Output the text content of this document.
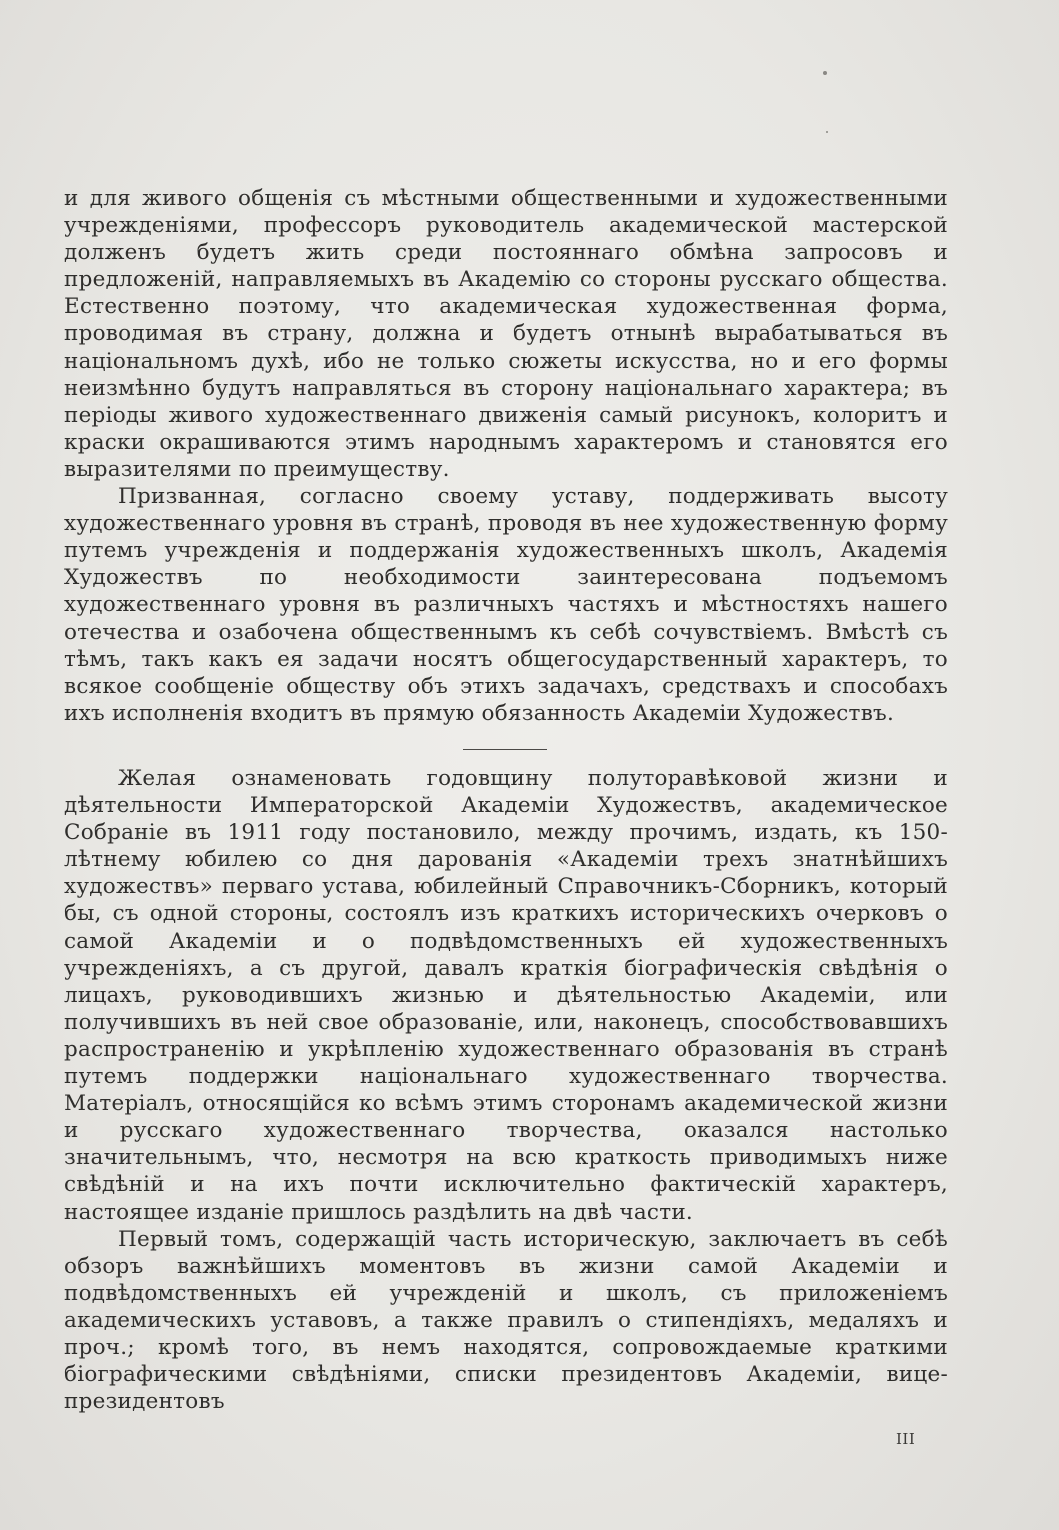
и для живого общенія съ мѣстными общественными и художественными учрежденіями, профессоръ руководитель академической мастерской долженъ будетъ жить среди постояннаго обмѣна запросовъ и предложеній, направляемыхъ въ Академію со стороны русскаго общества. Естественно поэтому, что академическая художественная форма, проводимая въ страну, должна и будетъ отнынѣ вырабатываться въ національномъ духѣ, ибо не только сюжеты искусства, но и его формы неизмѣнно будутъ направляться въ сторону національнаго характера; въ періоды живого художественнаго движенія самый рисунокъ, колоритъ и краски окрашиваются этимъ народнымъ характеромъ и становятся его выразителями по преимуществу.

Призванная, согласно своему уставу, поддерживать высоту художественнаго уровня въ странѣ, проводя въ нее художественную форму путемъ учрежденія и поддержанія художественныхъ школъ, Академія Художествъ по необходимости заинтересована подъемомъ художественнаго уровня въ различныхъ частяхъ и мѣстностяхъ нашего отечества и озабочена общественнымъ къ себѣ сочувствіемъ. Вмѣстѣ съ тѣмъ, такъ какъ ея задачи носятъ общегосударственный характеръ, то всякое сообщеніе обществу объ этихъ задачахъ, средствахъ и способахъ ихъ исполненія входитъ въ прямую обязанность Академіи Художествъ.

Желая ознаменовать годовщину полуторавѣковой жизни и дѣятельности Императорской Академіи Художествъ, академическое Собраніе въ 1911 году постановило, между прочимъ, издать, къ 150-лѣтнему юбилею со дня дарованія «Академіи трехъ знатнѣйшихъ художествъ» перваго устава, юбилейный Справочникъ-Сборникъ, который бы, съ одной стороны, состоялъ изъ краткихъ историческихъ очерковъ о самой Академіи и о подвѣдомственныхъ ей художественныхъ учрежденіяхъ, а съ другой, давалъ краткія біографическія свѣдѣнія о лицахъ, руководившихъ жизнью и дѣятельностью Академіи, или получившихъ въ ней свое образованіе, или, наконецъ, способствовавшихъ распространенію и укрѣпленію художественнаго образованія въ странѣ путемъ поддержки національнаго художественнаго творчества. Матеріалъ, относящійся ко всѣмъ этимъ сторонамъ академической жизни и русскаго художественнаго творчества, оказался настолько значительнымъ, что, несмотря на всю краткость приводимыхъ ниже свѣдѣній и на ихъ почти исключительно фактическій характеръ, настоящее изданіе пришлось раздѣлить на двѣ части.

Первый томъ, содержащій часть историческую, заключаетъ въ себѣ обзоръ важнѣйшихъ моментовъ въ жизни самой Академіи и подвѣдомственныхъ ей учрежденій и школъ, съ приложеніемъ академическихъ уставовъ, а также правилъ о стипендіяхъ, медаляхъ и проч.; кромѣ того, въ немъ находятся, сопровождаемые краткими біографическими свѣдѣніями, списки президентовъ Академіи, вице-президентовъ

III
